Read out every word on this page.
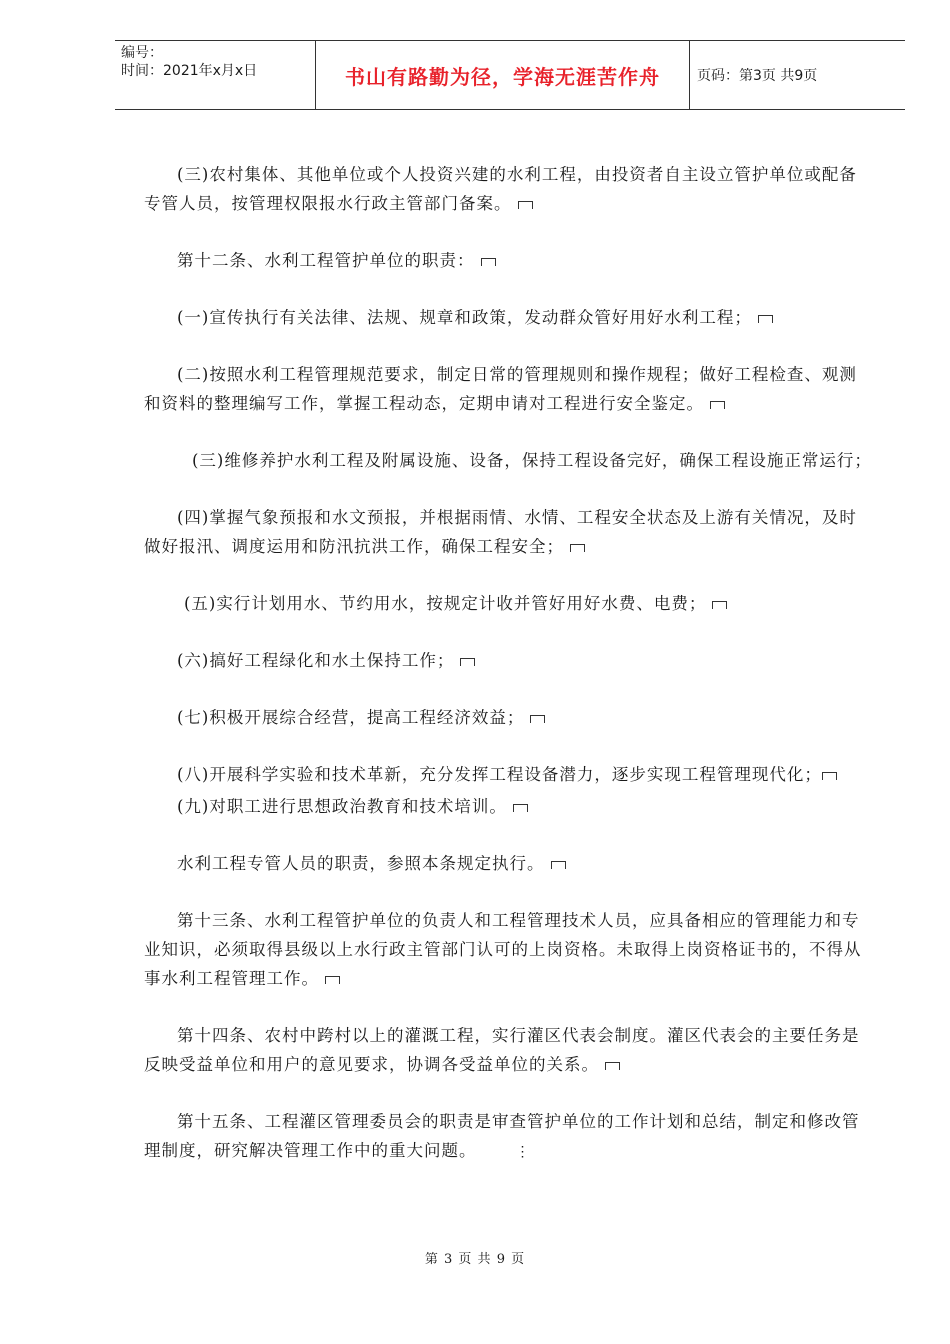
编号：
时间：2021年x月x日	书山有路勤为径，学海无涯苦作舟	页码：第3页 共9页

(三)农村集体、其他单位或个人投资兴建的水利工程，由投资者自主设立管护单位或配备专管人员，按管理权限报水行政主管部门备案。

第十二条、水利工程管护单位的职责：

(一)宣传执行有关法律、法规、规章和政策，发动群众管好用好水利工程；

(二)按照水利工程管理规范要求，制定日常的管理规则和操作规程；做好工程检查、观测和资料的整理编写工作，掌握工程动态，定期申请对工程进行安全鉴定。

(三)维修养护水利工程及附属设施、设备，保持工程设备完好，确保工程设施正常运行；

(四)掌握气象预报和水文预报，并根据雨情、水情、工程安全状态及上游有关情况，及时做好报汛、调度运用和防汛抗洪工作，确保工程安全；

(五)实行计划用水、节约用水，按规定计收并管好用好水费、电费；

(六)搞好工程绿化和水土保持工作；

(七)积极开展综合经营，提高工程经济效益；

(八)开展科学实验和技术革新，充分发挥工程设备潜力，逐步实现工程管理现代化；

(九)对职工进行思想政治教育和技术培训。

水利工程专管人员的职责，参照本条规定执行。

第十三条、水利工程管护单位的负责人和工程管理技术人员，应具备相应的管理能力和专业知识，必须取得县级以上水行政主管部门认可的上岗资格。未取得上岗资格证书的，不得从事水利工程管理工作。

第十四条、农村中跨村以上的灌溉工程，实行灌区代表会制度。灌区代表会的主要任务是反映受益单位和用户的意见要求，协调各受益单位的关系。

第十五条、工程灌区管理委员会的职责是审查管护单位的工作计划和总结，制定和修改管理制度，研究解决管理工作中的重大问题。	⋮

第 3 页 共 9 页
